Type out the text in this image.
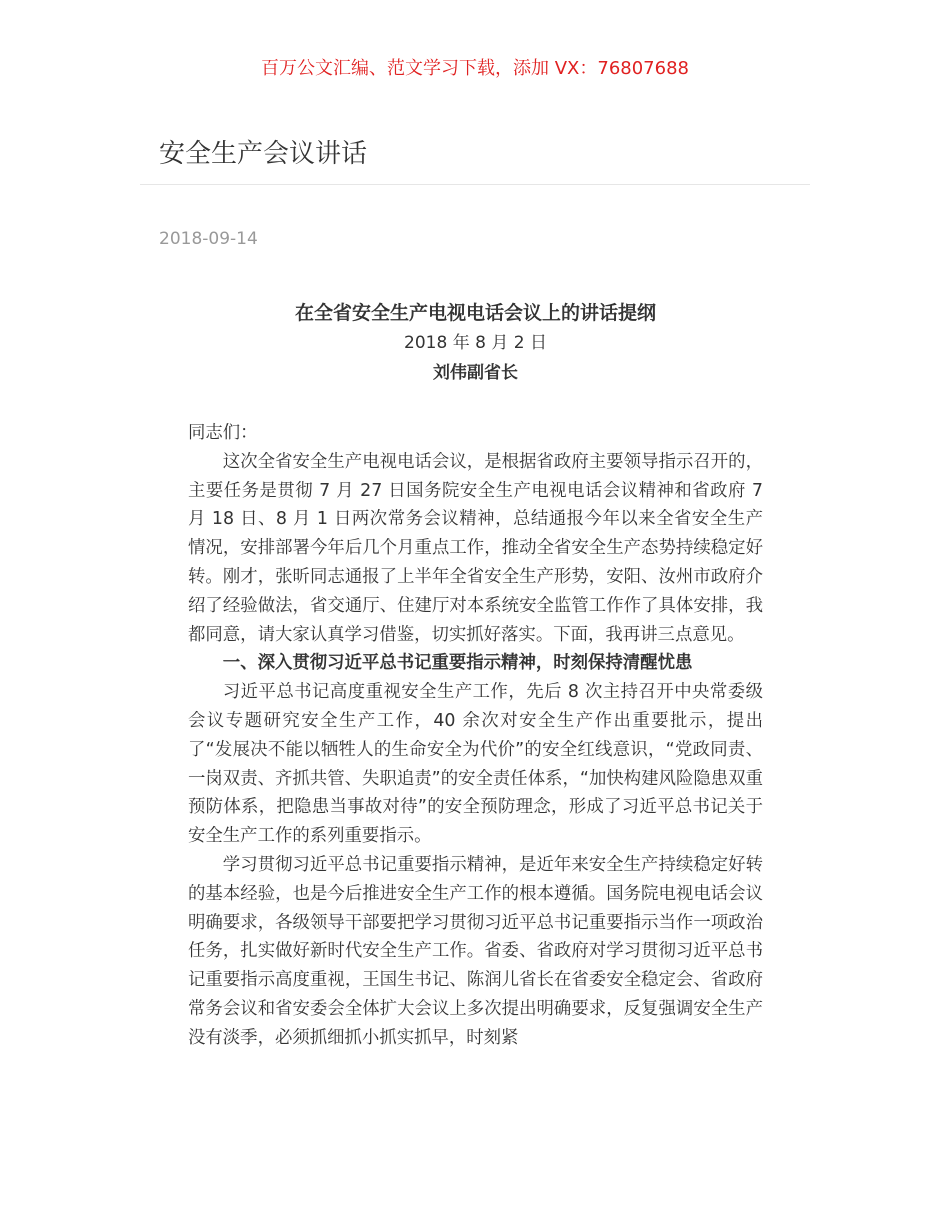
百万公文汇编、范文学习下载，添加 VX：76807688
安全生产会议讲话
2018-09-14
在全省安全生产电视电话会议上的讲话提纲
2018 年 8 月 2 日
刘伟副省长

同志们：

这次全省安全生产电视电话会议，是根据省政府主要领导指示召开的，主要任务是贯彻 7 月 27 日国务院安全生产电视电话会议精神和省政府 7 月 18 日、8 月 1 日两次常务会议精神，总结通报今年以来全省安全生产情况，安排部署今年后几个月重点工作，推动全省安全生产态势持续稳定好转。刚才，张昕同志通报了上半年全省安全生产形势，安阳、汝州市政府介绍了经验做法，省交通厅、住建厅对本系统安全监管工作作了具体安排，我都同意，请大家认真学习借鉴，切实抓好落实。下面，我再讲三点意见。

一、深入贯彻习近平总书记重要指示精神，时刻保持清醒忧患

习近平总书记高度重视安全生产工作，先后 8 次主持召开中央常委级会议专题研究安全生产工作，40 余次对安全生产作出重要批示，提出了“发展决不能以牺牲人的生命安全为代价”的安全红线意识，“党政同责、一岗双责、齐抓共管、失职追责”的安全责任体系，“加快构建风险隐患双重预防体系，把隐患当事故对待”的安全预防理念，形成了习近平总书记关于安全生产工作的系列重要指示。

学习贯彻习近平总书记重要指示精神，是近年来安全生产持续稳定好转的基本经验，也是今后推进安全生产工作的根本遵循。国务院电视电话会议明确要求，各级领导干部要把学习贯彻习近平总书记重要指示当作一项政治任务，扎实做好新时代安全生产工作。省委、省政府对学习贯彻习近平总书记重要指示高度重视，王国生书记、陈润儿省长在省委安全稳定会、省政府常务会议和省安委会全体扩大会议上多次提出明确要求，反复强调安全生产没有淡季，必须抓细抓小抓实抓早，时刻紧
